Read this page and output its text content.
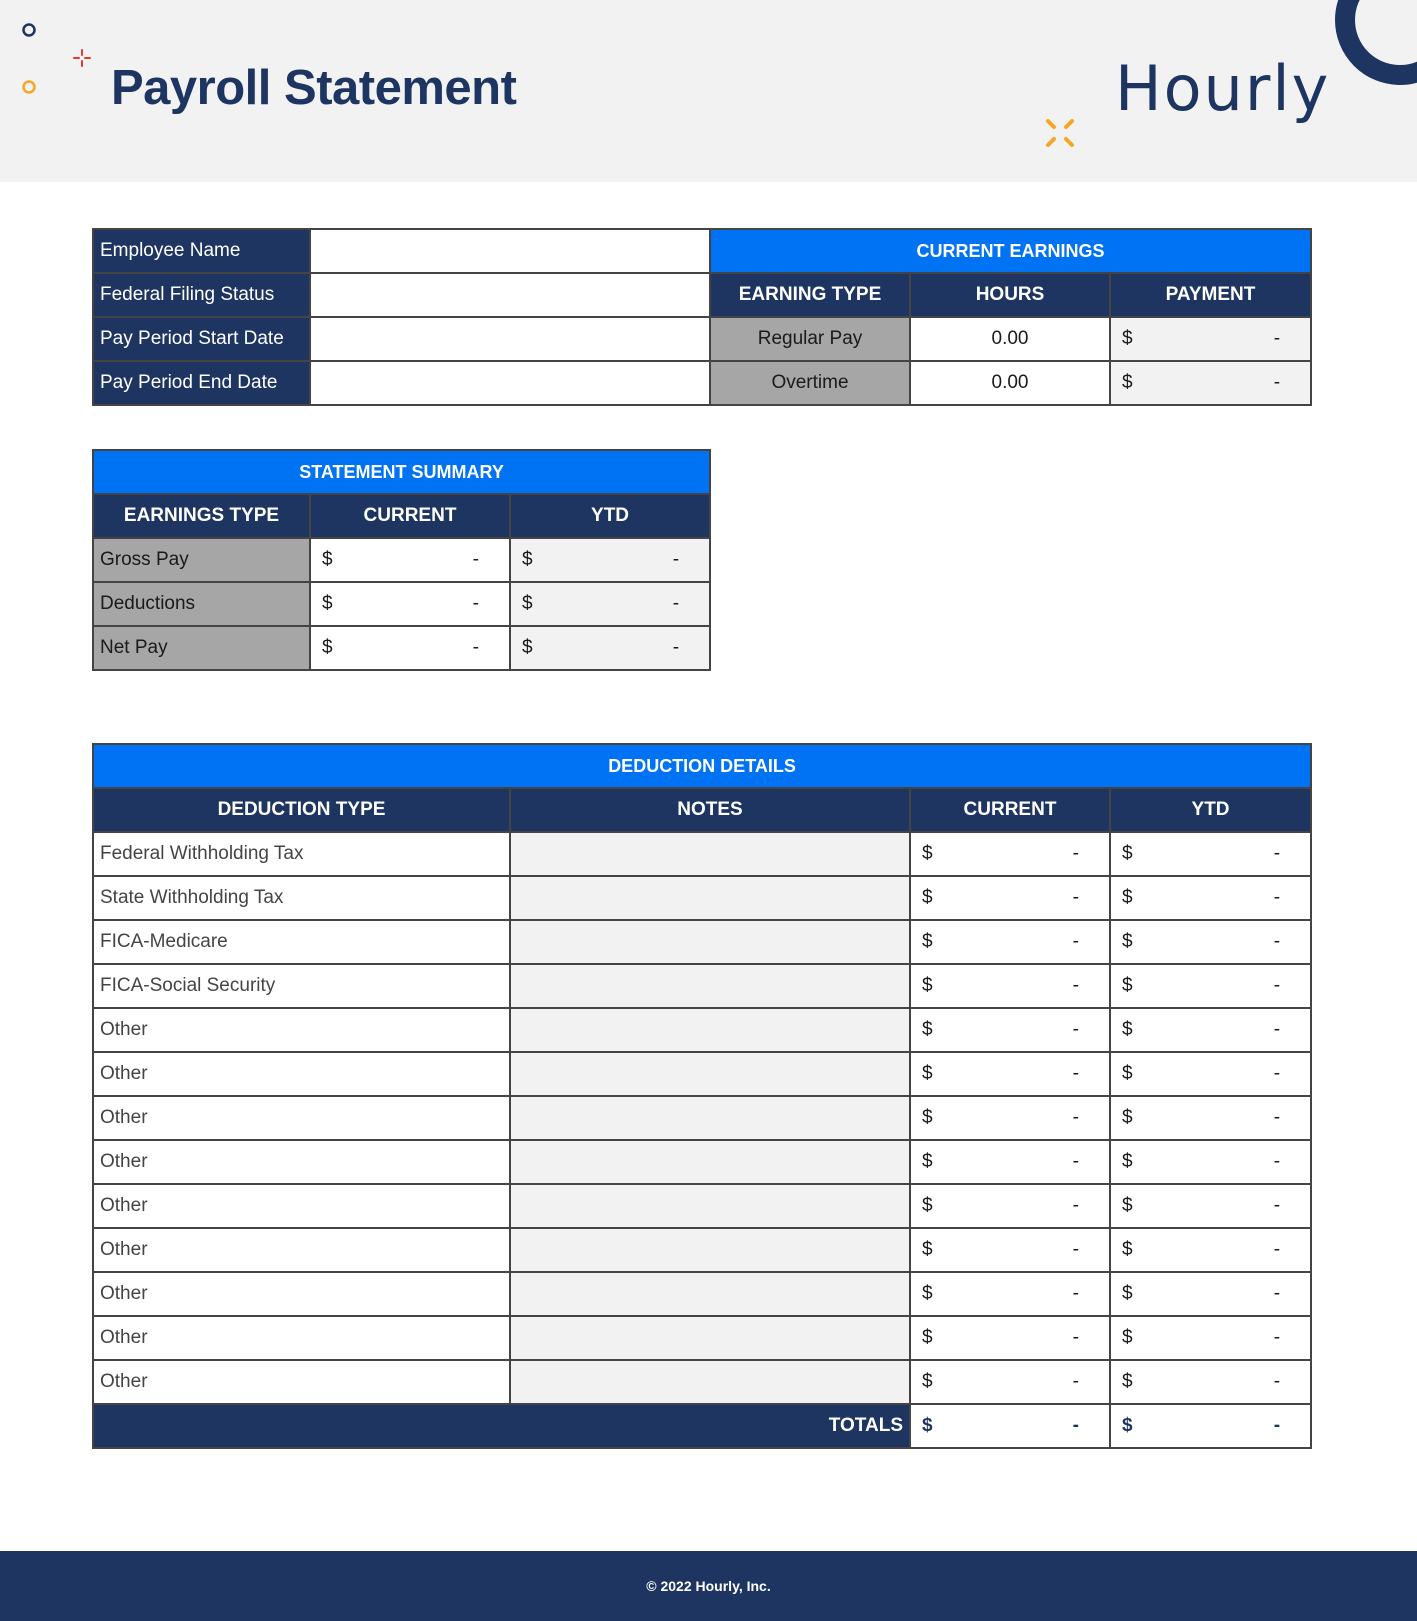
Payroll Statement	Hourly
Employee Name		CURRENT EARNINGS		
Federal Filing Status		EARNING TYPE	HOURS	PAYMENT
Pay Period Start Date		Regular Pay	0.00	$ -

Pay Period End Date		Overtime	0.00	$ -
STATEMENT SUMMARY		
EARNINGS TYPE	CURRENT	YTD
Gross Pay	$ -	$ -

Deductions	$ -	$ -

Net Pay	$ -	$ -
DEDUCTION DETAILS			
DEDUCTION TYPE	NOTES	CURRENT	YTD
Federal Withholding Tax		$ -	$ -

State Withholding Tax		$ -	$ -

FICA-Medicare		$ -	$ -

FICA-Social Security		$ -	$ -

Other		$ -	$ -

Other		$ -	$ -

Other		$ -	$ -

Other		$ -	$ -

Other		$ -	$ -

Other		$ -	$ -

Other		$ -	$ -

Other		$ -	$ -

Other		$ -	$ -

TOTALS		$ -	$ -
© 2022 Hourly, Inc.
